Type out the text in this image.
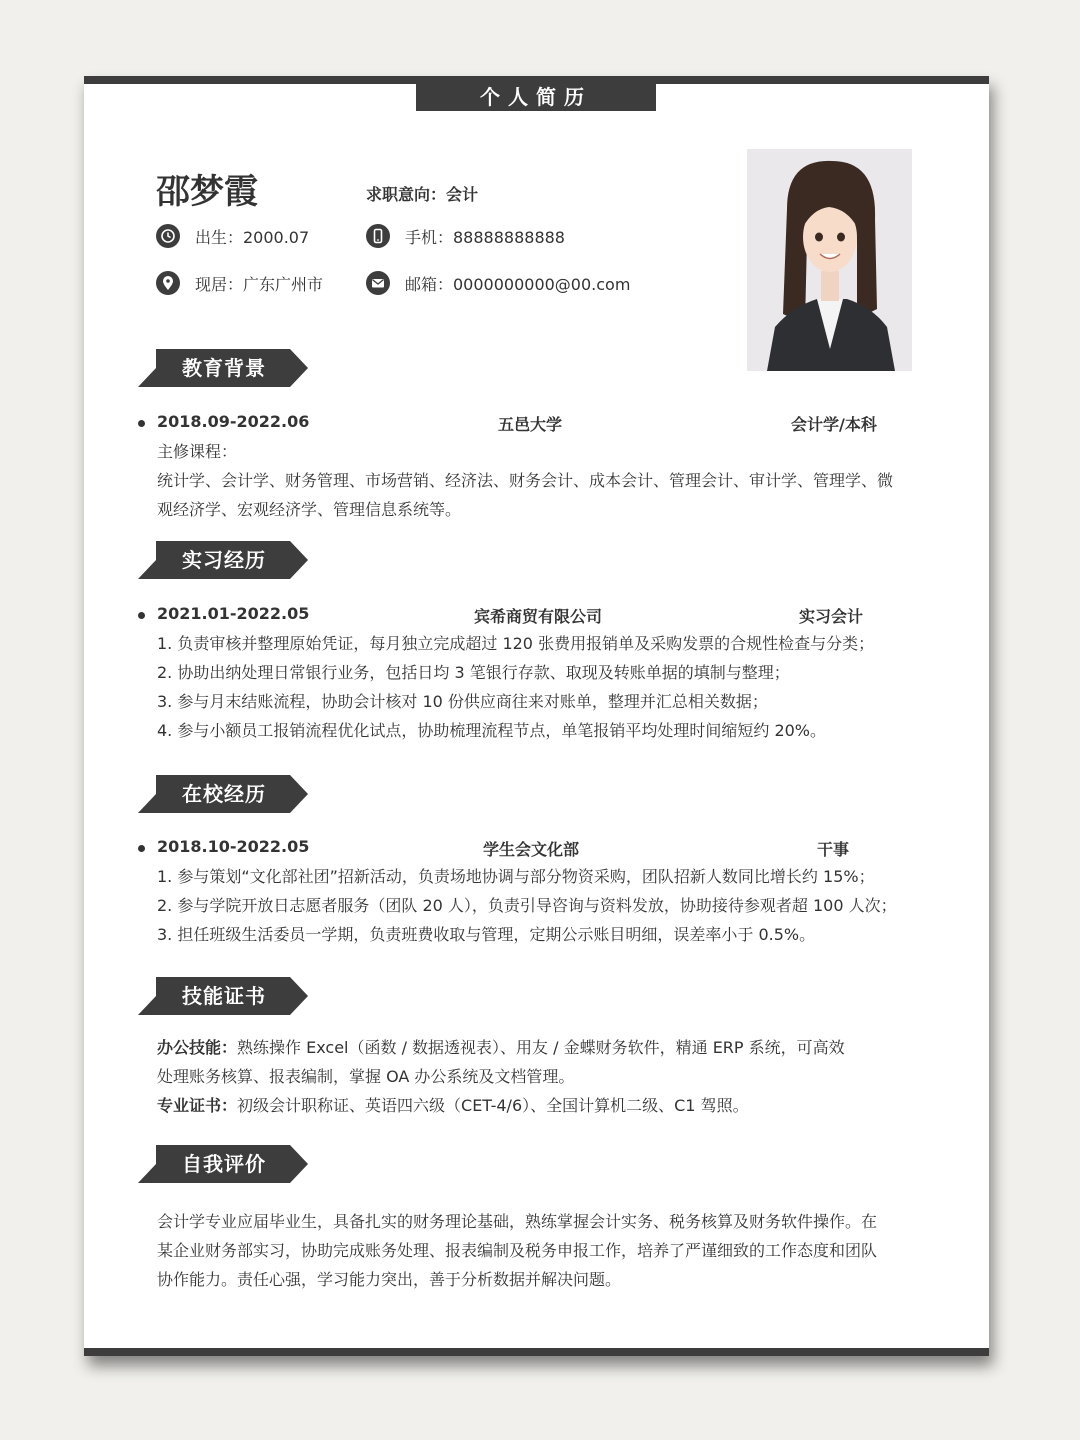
个人简历
邵梦霞	求职意向：会计
出生：2000.07	手机：88888888888
现居：广东广州市	邮箱：0000000000@00.com
教育背景
2018.09-2022.06	五邑大学	会计学/本科

主修课程：

统计学、会计学、财务管理、市场营销、经济法、财务会计、成本会计、管理会计、审计学、管理学、微

观经济学、宏观经济学、管理信息系统等。

实习经历
2021.01-2022.05	宾希商贸有限公司	实习会计

1. 负责审核并整理原始凭证，每月独立完成超过 120 张费用报销单及采购发票的合规性检查与分类；

2. 协助出纳处理日常银行业务，包括日均 3 笔银行存款、取现及转账单据的填制与整理；

3. 参与月末结账流程，协助会计核对 10 份供应商往来对账单，整理并汇总相关数据；

4. 参与小额员工报销流程优化试点，协助梳理流程节点，单笔报销平均处理时间缩短约 20%。

在校经历
2018.10-2022.05	学生会文化部	干事

1. 参与策划“文化部社团”招新活动，负责场地协调与部分物资采购，团队招新人数同比增长约 15%；

2. 参与学院开放日志愿者服务（团队 20 人），负责引导咨询与资料发放，协助接待参观者超 100 人次；

3. 担任班级生活委员一学期，负责班费收取与管理，定期公示账目明细，误差率小于 0.5%。

技能证书

办公技能：熟练操作 Excel（函数 / 数据透视表）、用友 / 金蝶财务软件，精通 ERP 系统，可高效

处理账务核算、报表编制，掌握 OA 办公系统及文档管理。

专业证书：初级会计职称证、英语四六级（CET-4/6）、全国计算机二级、C1 驾照。

自我评价

会计学专业应届毕业生，具备扎实的财务理论基础，熟练掌握会计实务、税务核算及财务软件操作。在

某企业财务部实习，协助完成账务处理、报表编制及税务申报工作，培养了严谨细致的工作态度和团队

协作能力。责任心强，学习能力突出，善于分析数据并解决问题。
